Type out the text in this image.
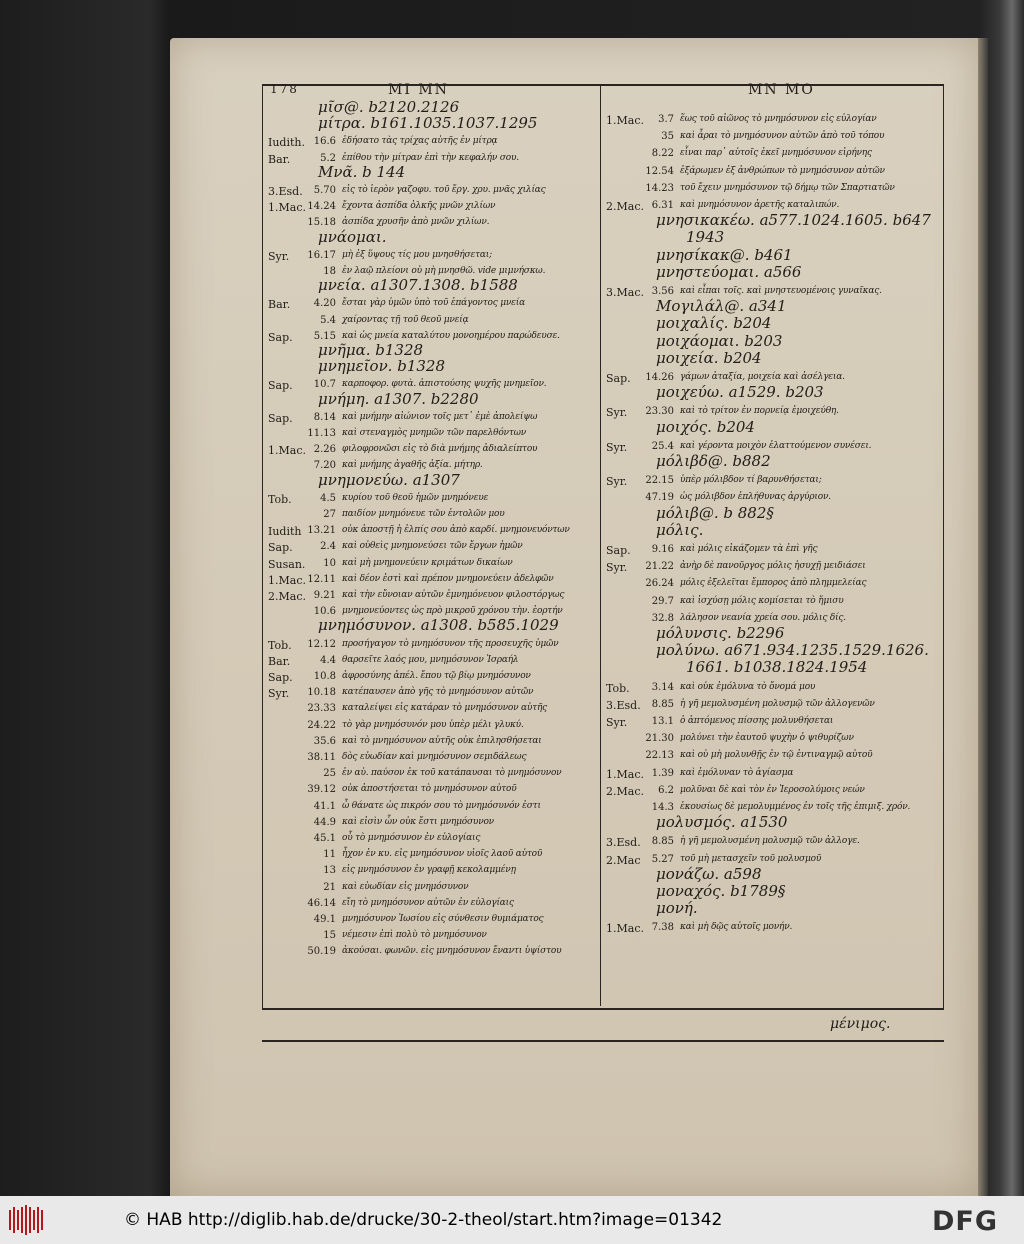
178	MI MN	MN MO
μῖσ@. b2120.2126
μίτρα. b161.1035.1037.1295
Iudith. 16.6 ἐδήσατο τὰς τρίχας αὐτῆς ἐν μίτρᾳ
Bar.	5.2 ἐπίθου τὴν μίτραν ἐπὶ τὴν κεφαλήν σου.
Μνᾶ. b 144
3.Esd.	5.70 εἰς τὸ ἱερὸν γαζοφυ. τοῦ ἔργ. χρυ. μνᾶς χιλίας
1.Mac. 14.24 ἔχοντα ἀσπίδα ὁλκῆς μνῶν χιλίων
15.18 ἀσπίδα χρυσῆν ἀπὸ μνῶν χιλίων.
μνάομαι.
Syr.	16.17 μὴ ἐξ ὕψους τίς μου μνησθήσεται;
18 ἐν λαῷ πλείονι οὐ μὴ μνησθῶ. vide μιμνήσκω.
μνεία. a1307.1308. b1588
Bar.	4.20 ἔσται γὰρ ὑμῶν ὑπὸ τοῦ ἐπάγοντος μνεία
5.4 χαίροντας τῇ τοῦ θεοῦ μνείᾳ
Sap.	5.15 καὶ ὡς μνεία καταλύτου μονοημέρου παρώδευσε.
μνῆμα. b1328
μνημεῖον. b1328
Sap.	10.7 καρποφορ. φυτὰ. ἀπιστούσης ψυχῆς μνημεῖον.
μνήμη. a1307. b2280
Sap.	8.14 καὶ μνήμην αἰώνιον τοῖς μετ᾽ ἐμὲ ἀπολείψω
11.13 καὶ στεναγμὸς μνημῶν τῶν παρελθόντων
1.Mac. 2.26 φιλοφρονῶσι εἰς τὸ διὰ μνήμης ἀδιαλείπτου
7.20 καὶ μνήμης ἀγαθῆς ἀξία. μήτηρ.
μνημονεύω. a1307
Tob.	4.5 κυρίου τοῦ θεοῦ ἡμῶν μνημόνευε
27 παιδίον μνημόνευε τῶν ἐντολῶν μου
Iudith 13.21 οὐκ ἀποστῇ ἡ ἐλπίς σου ἀπὸ καρδί. μνημονευόντων
Sap.	2.4 καὶ οὐθεὶς μνημονεύσει τῶν ἔργων ἡμῶν
Susan.	10 καὶ μὴ μνημονεύειν κριμάτων δικαίων
1.Mac. 12.11 καὶ δέον ἐστὶ καὶ πρέπον μνημονεύειν ἀδελφῶν
2.Mac. 9.21 καὶ τὴν εὔνοιαν αὐτῶν ἐμνημόνευον φιλοστόργως
10.6 μνημονεύοντες ὡς πρὸ μικροῦ χρόνου τὴν. ἑορτήν
μνημόσυνον. a1308. b585.1029
Tob.	12.12 προσήγαγον τὸ μνημόσυνον τῆς προσευχῆς ὑμῶν
Bar.	4.4 θαρσεῖτε λαός μου, μνημόσυνον Ἰσραήλ
Sap.	10.8 ἀφροσύνης ἀπέλ. ἔπου τῷ βίῳ μνημόσυνον
Syr.	10.18 κατέπαυσεν ἀπὸ γῆς τὸ μνημόσυνον αὐτῶν
23.33 καταλείψει εἰς κατάραν τὸ μνημόσυνον αὐτῆς
24.22 τὸ γὰρ μνημόσυνόν μου ὑπὲρ μέλι γλυκύ.
35.6 καὶ τὸ μνημόσυνον αὐτῆς οὐκ ἐπιλησθήσεται
38.11 δὸς εὐωδίαν καὶ μνημόσυνον σεμιδάλεως
25 ἐν αὐ. παύσον ἐκ τοῦ κατάπαυσαι τὸ μνημόσυνον
39.12 οὐκ ἀποστήσεται τὸ μνημόσυνον αὐτοῦ
41.1 ὦ θάνατε ὡς πικρόν σου τὸ μνημόσυνόν ἐστι
44.9 καὶ εἰσὶν ὧν οὐκ ἔστι μνημόσυνον
45.1 οὗ τὸ μνημόσυνον ἐν εὐλογίαις
11 ἦχον ἐν κυ. εἰς μνημόσυνον υἱοῖς λαοῦ αὐτοῦ
13 εἰς μνημόσυνον ἐν γραφῇ κεκολαμμένῃ
21 καὶ εὐωδίαν εἰς μνημόσυνον
46.14 εἴη τὸ μνημόσυνον αὐτῶν ἐν εὐλογίαις
49.1 μνημόσυνον Ἰωσίου εἰς σύνθεσιν θυμιάματος
15 νέμεσιν ἐπὶ πολὺ τὸ μνημόσυνον
50.19 ἀκούσαι. φωνῶν. εἰς μνημόσυνον ἔναντι ὑψίστου
1.Mac.	3.7 ἕως τοῦ αἰῶνος τὸ μνημόσυνον εἰς εὐλογίαν
35 καὶ ἆραι τὸ μνημόσυνον αὐτῶν ἀπὸ τοῦ τόπου
8.22 εἶναι παρ᾽ αὐτοῖς ἐκεῖ μνημόσυνον εἰρήνης
12.54 ἐξάρωμεν ἐξ ἀνθρώπων τὸ μνημόσυνον αὐτῶν
14.23 τοῦ ἔχειν μνημόσυνον τῷ δήμῳ τῶν Σπαρτιατῶν
2.Mac. 6.31 καὶ μνημόσυνον ἀρετῆς καταλιπών.
μνησικακέω. a577.1024.1605. b647
1943
μνησίκακ@. b461
μνηστεύομαι. a566
3.Mac. 3.56 καὶ εἶπαι τοῖς. καὶ μνηστευομένοις γυναῖκας.
Μογιλάλ@. a341
μοιχαλίς. b204
μοιχάομαι. b203
μοιχεία. b204
Sap.	14.26 γάμων ἀταξία, μοιχεία καὶ ἀσέλγεια.
μοιχεύω. a1529. b203
Syr.	23.30 καὶ τὸ τρίτον ἐν πορνείᾳ ἐμοιχεύθη.
μοιχός. b204
Syr.	25.4 καὶ γέροντα μοιχὸν ἐλαττούμενον συνέσει.
μόλιβδ@. b882
Syr.	22.15 ὑπὲρ μόλιβδον τί βαρυνθήσεται;
47.19 ὡς μόλιβδον ἐπλήθυνας ἀργύριον.
μόλιβ@. b 882§
μόλις.
Sap.	9.16 καὶ μόλις εἰκάζομεν τὰ ἐπὶ γῆς
Syr.	21.22 ἀνὴρ δὲ πανοῦργος μόλις ἡσυχῇ μειδιάσει
26.24 μόλις ἐξελεῖται ἔμπορος ἀπὸ πλημμελείας
29.7 καὶ ἰσχύσῃ μόλις κομίσεται τὸ ἥμισυ
32.8 λάλησον νεανία χρεία σου. μόλις δίς.
μόλυνσις. b2296
μολύνω. a671.934.1235.1529.1626.
1661. b1038.1824.1954
Tob.	3.14 καὶ οὐκ ἐμόλυνα τὸ ὄνομά μου
3.Esd.	8.85 ἡ γῆ μεμολυσμένη μολυσμῷ τῶν ἀλλογενῶν
Syr.	13.1 ὁ ἁπτόμενος πίσσης μολυνθήσεται
21.30 μολύνει τὴν ἑαυτοῦ ψυχὴν ὁ ψιθυρίζων
22.13 καὶ οὐ μὴ μολυνθῇς ἐν τῷ ἐντιναγμῷ αὐτοῦ
1.Mac. 1.39 καὶ ἐμόλυναν τὸ ἁγίασμα
2.Mac.	6.2 μολῦναι δὲ καὶ τὸν ἐν Ἱεροσολύμοις νεών
14.3 ἑκουσίως δὲ μεμολυμμένος ἐν τοῖς τῆς ἐπιμιξ. χρόν.
μολυσμός. a1530
3.Esd.	8.85 ἡ γῆ μεμολυσμένη μολυσμῷ τῶν ἀλλογε.
2.Mac	5.27 τοῦ μὴ μετασχεῖν τοῦ μολυσμοῦ
μονάζω. a598
μοναχός. b1789§
μονή.
1.Mac. 7.38 καὶ μὴ δῷς αὐτοῖς μονήν.
μένιμος.
© HAB http://diglib.hab.de/drucke/30-2-theol/start.htm?image=01342	DFG
